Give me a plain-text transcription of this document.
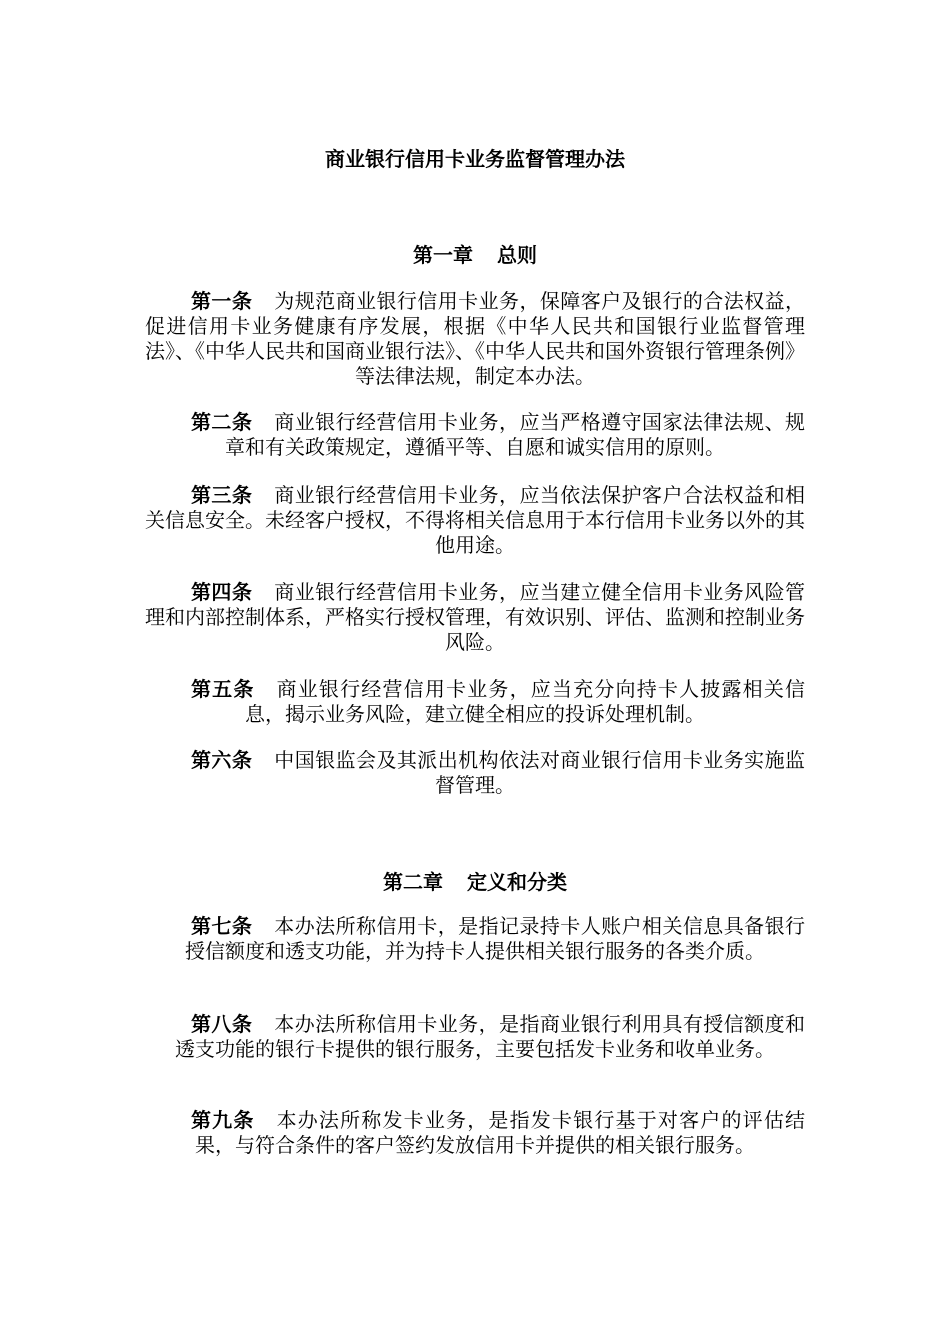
商业银行信用卡业务监督管理办法
第一章 总则
第一条 为规范商业银行信用卡业务，保障客户及银行的合法权益，促进信用卡业务健康有序发展，根据《中华人民共和国银行业监督管理法》、《中华人民共和国商业银行法》、《中华人民共和国外资银行管理条例》等法律法规，制定本办法。
第二条 商业银行经营信用卡业务，应当严格遵守国家法律法规、规章和有关政策规定，遵循平等、自愿和诚实信用的原则。
第三条 商业银行经营信用卡业务，应当依法保护客户合法权益和相关信息安全。未经客户授权，不得将相关信息用于本行信用卡业务以外的其他用途。
第四条 商业银行经营信用卡业务，应当建立健全信用卡业务风险管理和内部控制体系，严格实行授权管理，有效识别、评估、监测和控制业务风险。
第五条 商业银行经营信用卡业务，应当充分向持卡人披露相关信息，揭示业务风险，建立健全相应的投诉处理机制。
第六条 中国银监会及其派出机构依法对商业银行信用卡业务实施监督管理。
第二章 定义和分类
第七条 本办法所称信用卡，是指记录持卡人账户相关信息具备银行授信额度和透支功能，并为持卡人提供相关银行服务的各类介质。
第八条 本办法所称信用卡业务，是指商业银行利用具有授信额度和透支功能的银行卡提供的银行服务，主要包括发卡业务和收单业务。
第九条 本办法所称发卡业务，是指发卡银行基于对客户的评估结果，与符合条件的客户签约发放信用卡并提供的相关银行服务。
